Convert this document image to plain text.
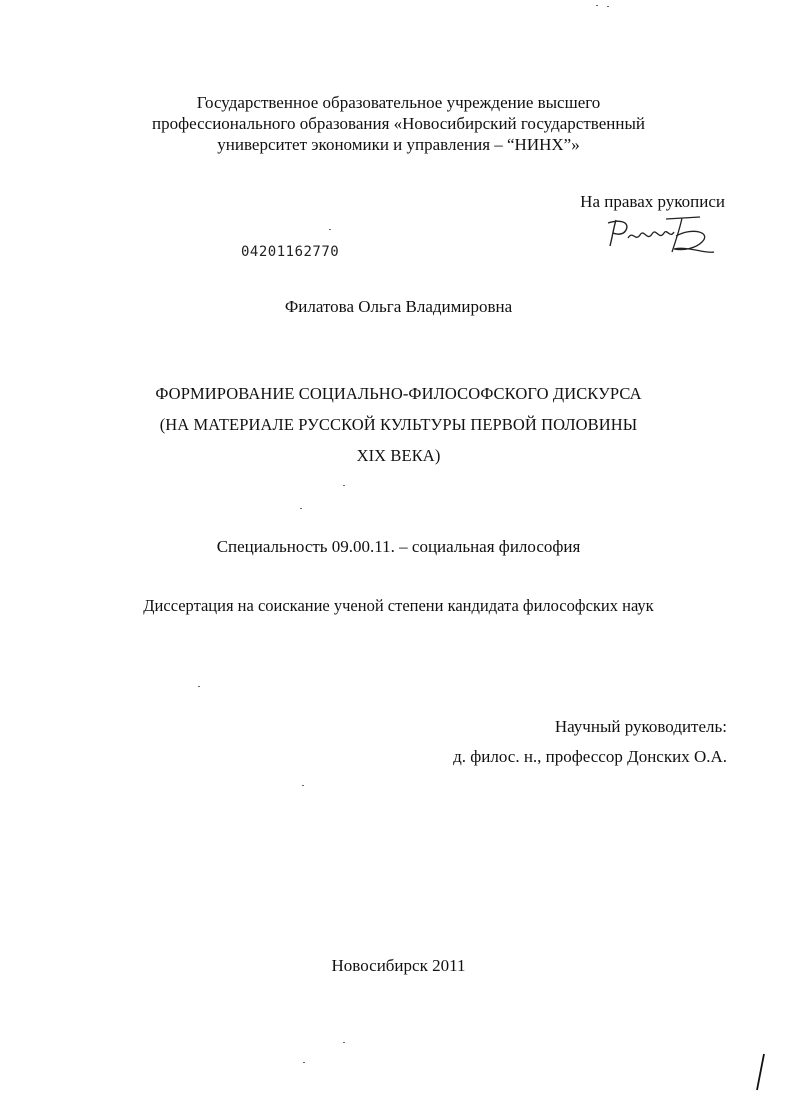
Государственное образовательное учреждение высшего
профессионального образования «Новосибирский государственный
университет экономики и управления – “НИНХ”»
На правах рукописи
04201162770
Филатова Ольга Владимировна
ФОРМИРОВАНИЕ СОЦИАЛЬНО-ФИЛОСОФСКОГО ДИСКУРСА
(НА МАТЕРИАЛЕ РУССКОЙ КУЛЬТУРЫ ПЕРВОЙ ПОЛОВИНЫ
XIX ВЕКА)
Специальность 09.00.11. – социальная философия
Диссертация на соискание ученой степени кандидата философских наук
Научный руководитель:
д. филос. н., профессор Донских О.А.
Новосибирск 2011
